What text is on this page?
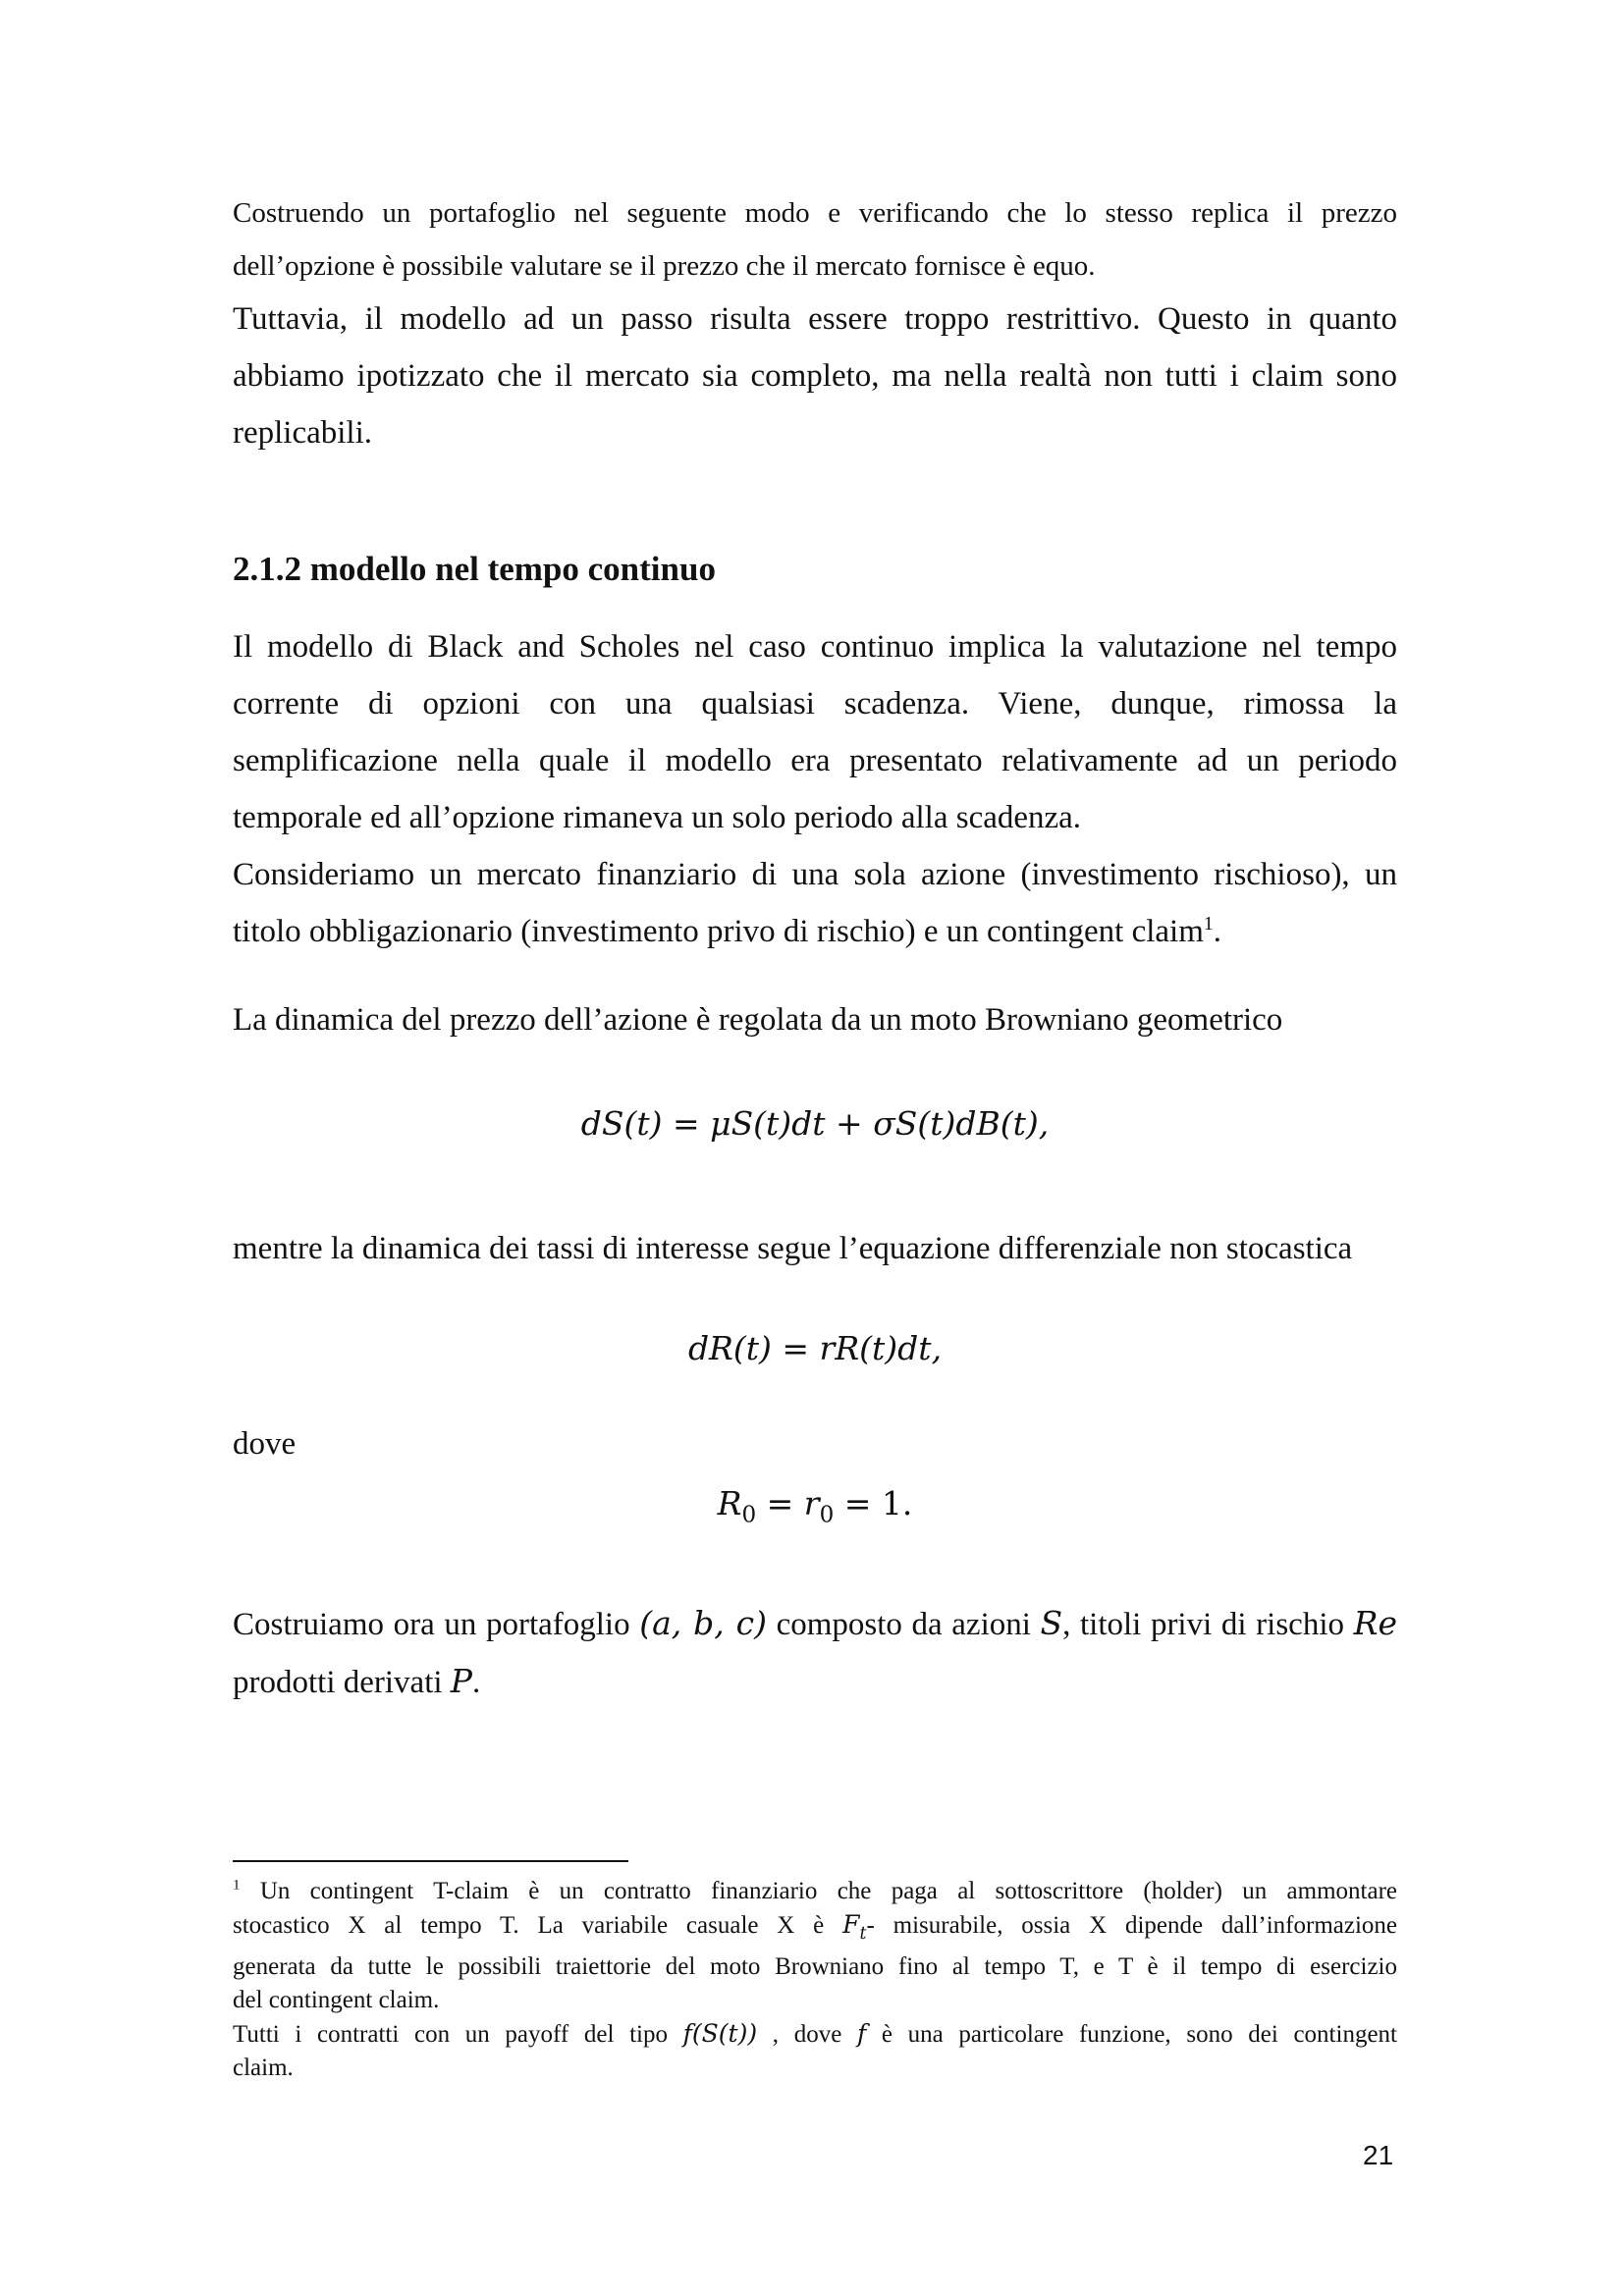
Costruendo un portafoglio nel seguente modo e verificando che lo stesso replica il prezzo
dell’opzione è possibile valutare se il prezzo che il mercato fornisce è equo.

Tuttavia, il modello ad un passo risulta essere troppo restrittivo. Questo in quanto
abbiamo ipotizzato che il mercato sia completo, ma nella realtà non tutti i claim sono
replicabili.

2.1.2 modello nel tempo continuo

Il modello di Black and Scholes nel caso continuo implica la valutazione nel tempo
corrente di opzioni con una qualsiasi scadenza. Viene, dunque, rimossa la
semplificazione nella quale il modello era presentato relativamente ad un periodo
temporale ed all’opzione rimaneva un solo periodo alla scadenza.
Consideriamo un mercato finanziario di una sola azione (investimento rischioso), un
titolo obbligazionario (investimento privo di rischio) e un contingent claim$^1$.

La dinamica del prezzo dell’azione è regolata da un moto Browniano geometrico

dS(t) = μS(t)dt + σS(t)dB(t),

mentre la dinamica dei tassi di interesse segue l’equazione differenziale non stocastica

dR(t) = rR(t)dt,

dove

$R_0 = r_0 = 1$.

Costruiamo ora un portafoglio (a, b, c) composto da azioni S, titoli privi di rischio Re
prodotti derivati P.

$^1$ Un contingent T-claim è un contratto finanziario che paga al sottoscrittore (holder) un ammontare
stocastico X al tempo T. La variabile casuale X è $F_t-$ misurabile, ossia X dipende dall’informazione
generata da tutte le possibili traiettorie del moto Browniano fino al tempo T, e T è il tempo di esercizio
del contingent claim.
Tutti i contratti con un payoff del tipo f(S(t)) , dove f è una particolare funzione, sono dei contingent
claim.
21
